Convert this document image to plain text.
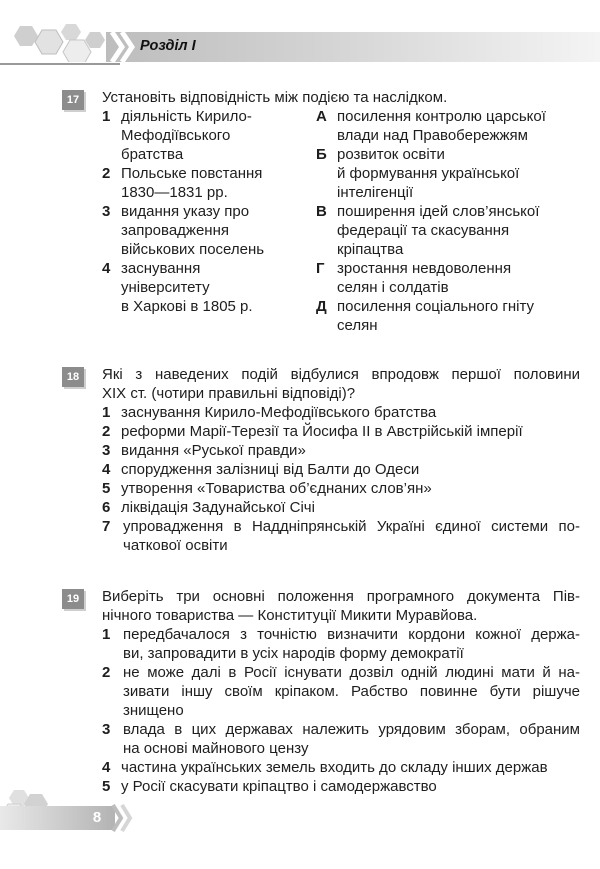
Розділ І
17	Установіть відповідність між подією та наслідком.
1 діяльність Кирило-
Мефодіївського
братства
2 Польське повстання
1830—1831 рр.
3 видання указу про
запровадження
військових поселень
4 заснування
університету
в Харкові в 1805 р.
А посилення контролю царської
влади над Правобережжям
Б розвиток освіти
й формування української
інтелігенції
В поширення ідей слов’янської
федерації та скасування
кріпацтва
Г зростання невдоволення
селян і солдатів
Д посилення соціального гніту
селян
18	Які з наведених подій відбулися впродовж першої половини
XIX ст. (чотири правильні відповіді)?
1 заснування Кирило-Мефодіївського братства
2 реформи Марії-Терезії та Йосифа ІІ в Австрійській імперії
3 видання «Руської правди»
4 спорудження залізниці від Балти до Одеси
5 утворення «Товариства об’єднаних слов’ян»
6 ліквідація Задунайської Січі
7 упровадження в Наддніпрянській Україні єдиної системи по-
чаткової освіти
19	Виберіть три основні положення програмного документа Пів-
нічного товариства — Конституції Микити Муравйова.
1 передбачалося з точністю визначити кордони кожної держа-
ви, запровадити в усіх народів форму демократії
2 не може далі в Росії існувати дозвіл одній людині мати й на-
зивати іншу своїм кріпаком. Рабство повинне бути рішуче
знищено
3 влада в цих державах належить урядовим зборам, обраним
на основі майнового цензу
4 частина українських земель входить до складу інших держав
5 у Росії скасувати кріпацтво і самодержавство
8
